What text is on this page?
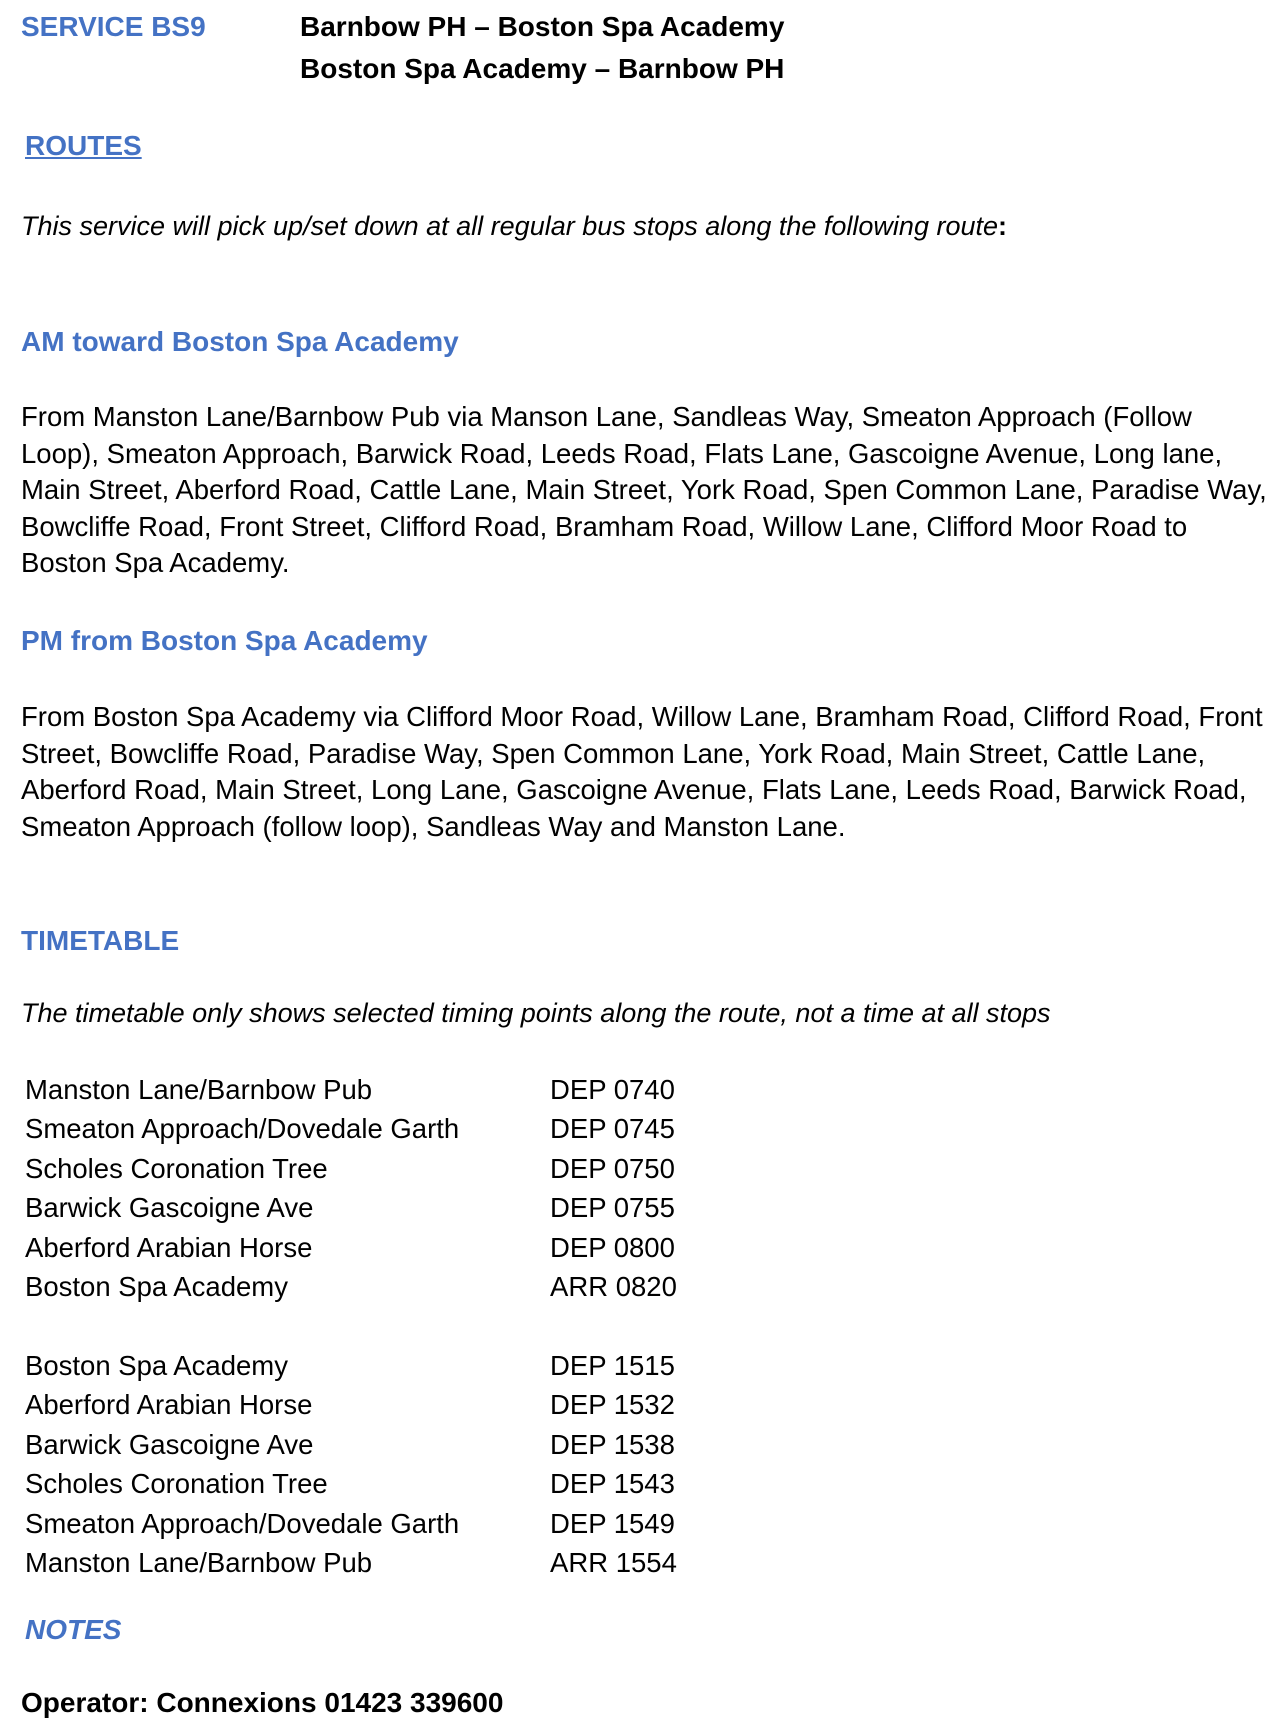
SERVICE BS9	Barnbow PH – Boston Spa Academy

Boston Spa Academy – Barnbow PH

ROUTES

This service will pick up/set down at all regular bus stops along the following route:

AM toward Boston Spa Academy

From Manston Lane/Barnbow Pub via Manson Lane, Sandleas Way, Smeaton Approach (Follow Loop), Smeaton Approach, Barwick Road, Leeds Road, Flats Lane, Gascoigne Avenue, Long lane, Main Street, Aberford Road, Cattle Lane, Main Street, York Road, Spen Common Lane, Paradise Way, Bowcliffe Road, Front Street, Clifford Road, Bramham Road, Willow Lane, Clifford Moor Road to Boston Spa Academy.

PM from Boston Spa Academy

From Boston Spa Academy via Clifford Moor Road, Willow Lane, Bramham Road, Clifford Road, Front Street, Bowcliffe Road, Paradise Way, Spen Common Lane, York Road, Main Street, Cattle Lane, Aberford Road, Main Street, Long Lane, Gascoigne Avenue, Flats Lane, Leeds Road, Barwick Road, Smeaton Approach (follow loop), Sandleas Way and Manston Lane.

TIMETABLE

The timetable only shows selected timing points along the route, not a time at all stops

Manston Lane/Barnbow Pub	DEP 0740
Smeaton Approach/Dovedale Garth	DEP 0745
Scholes Coronation Tree	DEP 0750
Barwick Gascoigne Ave	DEP 0755
Aberford Arabian Horse	DEP 0800
Boston Spa Academy	ARR 0820
Boston Spa Academy	DEP 1515
Aberford Arabian Horse	DEP 1532
Barwick Gascoigne Ave	DEP 1538
Scholes Coronation Tree	DEP 1543
Smeaton Approach/Dovedale Garth	DEP 1549
Manston Lane/Barnbow Pub	ARR 1554

NOTES

Operator: Connexions 01423 339600
